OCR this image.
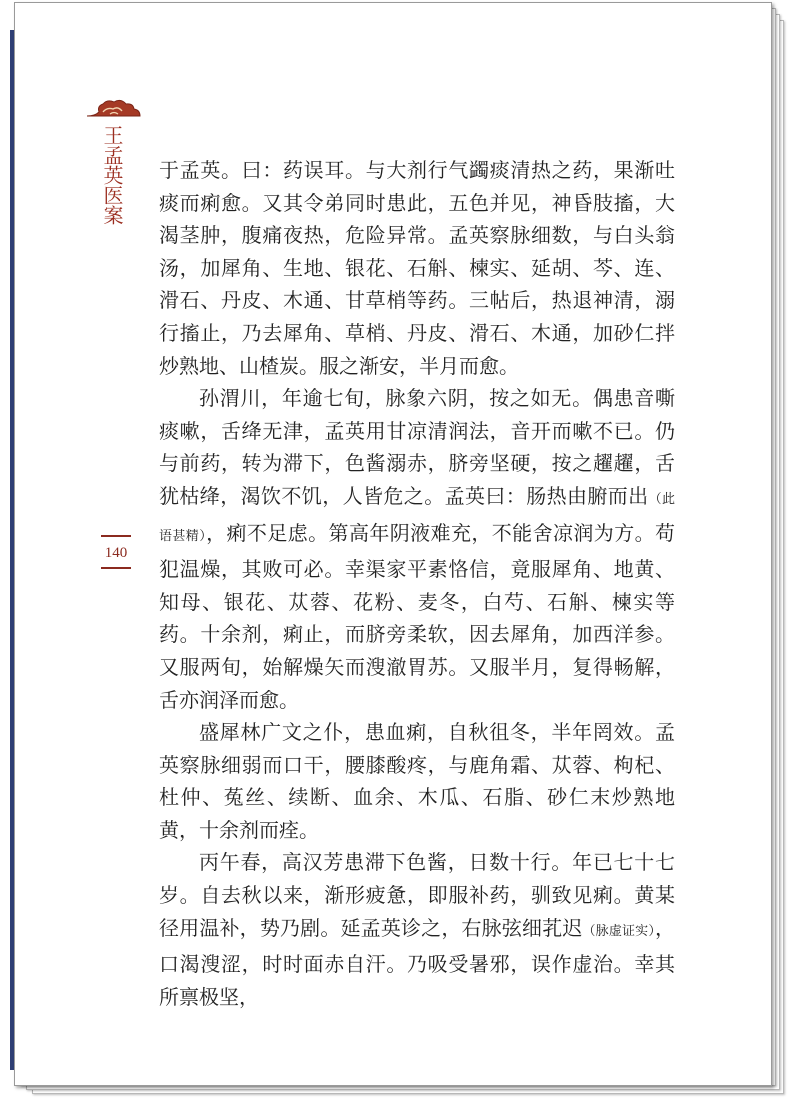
王孟英医案
140

于孟英。曰：药误耳。与大剂行气蠲痰清热之药，果渐吐痰而痢愈。又其令弟同时患此，五色并见，神昏肢搐，大渴茎肿，腹痛夜热，危险异常。孟英察脉细数，与白头翁汤，加犀角、生地、银花、石斛、楝实、延胡、芩、连、滑石、丹皮、木通、甘草梢等药。三帖后，热退神清，溺行搐止，乃去犀角、草梢、丹皮、滑石、木通，加砂仁拌炒熟地、山楂炭。服之渐安，半月而愈。

孙渭川，年逾七旬，脉象六阴，按之如无。偶患音嘶痰嗽，舌绛无津，孟英用甘凉清润法，音开而嗽不已。仍与前药，转为滞下，色酱溺赤，脐旁坚硬，按之趯趯，舌犹枯绛，渴饮不饥，人皆危之。孟英曰：肠热由腑而出（此语甚精），痢不足虑。第高年阴液难充，不能舍凉润为方。苟犯温燥，其败可必。幸渠家平素恪信，竟服犀角、地黄、知母、银花、苁蓉、花粉、麦冬，白芍、石斛、楝实等药。十余剂，痢止，而脐旁柔软，因去犀角，加西洋参。又服两旬，始解燥矢而溲澈胃苏。又服半月，复得畅解，舌亦润泽而愈。

盛犀林广文之仆，患血痢，自秋徂冬，半年罔效。孟英察脉细弱而口干，腰膝酸疼，与鹿角霜、苁蓉、枸杞、杜仲、菟丝、续断、血余、木瓜、石脂、砂仁末炒熟地黄，十余剂而痊。

丙午春，高汉芳患滞下色酱，日数十行。年已七十七岁。自去秋以来，渐形疲惫，即服补药，驯致见痢。黄某径用温补，势乃剧。延孟英诊之，右脉弦细芤迟（脉虚证实），口渴溲涩，时时面赤自汗。乃吸受暑邪，误作虚治。幸其所禀极坚，
